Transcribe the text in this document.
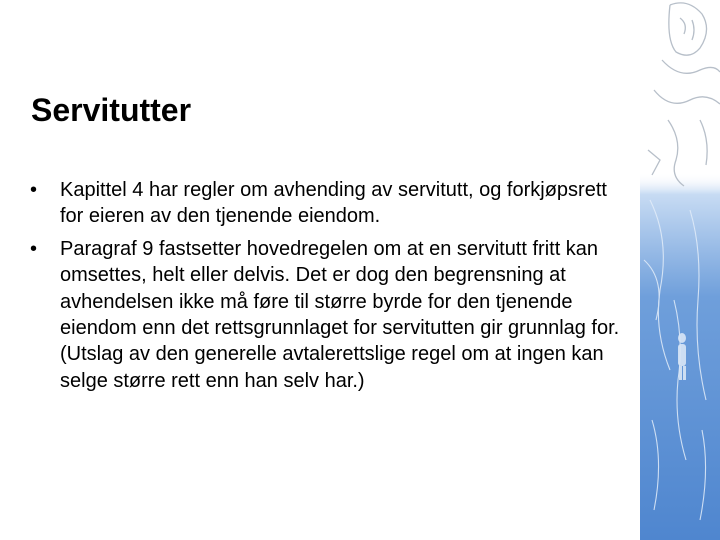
Servitutter
•	Kapittel 4 har regler om avhending av servitutt, og forkjøpsrett for eieren av den tjenende eiendom.
•	Paragraf 9 fastsetter hovedregelen om at en servitutt fritt kan omsettes, helt eller delvis. Det er dog den begrensning at avhendelsen ikke må føre til større byrde for den tjenende eiendom enn det rettsgrunnlaget for servitutten gir grunnlag for. (Utslag av den generelle avtalerettslige regel om at ingen kan selge større rett enn han selv har.)
